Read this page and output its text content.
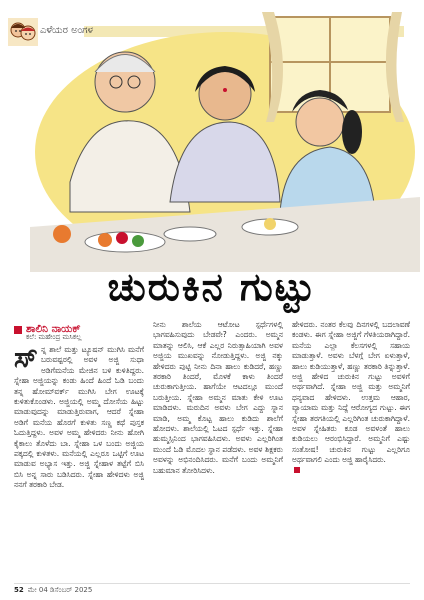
ಎಳೆಯರ ಅಂಗಳ
ಚುರುಕಿನ ಗುಟ್ಟು
ಶಾಲಿನಿ ನಾಯಕ್
ಕಲೆ: ಮಹೇಂದ್ರ ಮಸಿಕಲ್ಲ
ಸ್ ನ್ನ ಶಾಲೆ ಮತ್ತು ಟ್ಯೂಷನ್ ಮುಗಿಸಿ ಮನೆಗೆ ಬರುವಷ್ಟರಲ್ಲಿ ಅವಳ ಅಜ್ಜಿ ಸುಧಾ ಅಡಿಗೆಮನೆಯ ಮೇಜಿನ ಬಳಿ ಕುಳಿತಿದ್ದರು. ಸ್ನೇಹಾ ಅಜ್ಜಿಯನ್ನು ಕಂಡು ಹಿಂದೆ ಹಿಂದೆ ಓಡಿ ಬಂದು ತನ್ನ ಹೋಮ್‌ವರ್ಕ್ ಮುಗಿಸಿ ಬೇಗ ಊಟಕ್ಕೆ ಕುಳಿತುಕೊಂಡಳು. ಅಜ್ಜಿಯಲ್ಲಿ ಅಮ್ಮ ದೋಸೆಯ ಹಿಟ್ಟು ಮಾಡುವುದನ್ನು ಮಾಡುತ್ತಿರುವಾಗ, ಆದರೆ ಸ್ನೇಹಾ ಅಡಿಗೆ ಮನೆಯ ಹೊರಗೆ ಕುಳಿತು ಸಣ್ಣ ಕಥೆ ಪುಸ್ತಕ ಓದುತ್ತಿದ್ದಳು. ಅವಳ ಅಮ್ಮ ಹೇಳಿದರು ನೀನು ಹೋಗಿ ಕೈಕಾಲು ತೊಳೆದು ಬಾ. ಸ್ನೇಹಾ ಒಳ ಬಂದು ಅಜ್ಜಿಯ ಪಕ್ಕದಲ್ಲಿ ಕುಳಿತಳು. ಮನೆಯಲ್ಲಿ ಎಲ್ಲರೂ ಒಟ್ಟಿಗೆ ಊಟ ಮಾಡುವ ಅಭ್ಯಾಸ ಇತ್ತು. ಅಜ್ಜಿ ಸ್ನೇಹಾಳ ತಟ್ಟೆಗೆ ಬಿಸಿ ಬಿಸಿ ಅನ್ನ ಸಾರು ಬಡಿಸಿದರು. ಸ್ನೇಹಾ ಹೇಳಿದಳು ಅಜ್ಜಿ ನನಗೆ ತರಕಾರಿ ಬೇಡ.

ನೀನು ಶಾಲೆಯ ಆಟೋಟ ಸ್ಪರ್ಧೆಗಳಲ್ಲಿ ಭಾಗವಹಿಸುವುದು ಬೇಡವೇ? ಎಂದರು. ಅಮ್ಮನ ಮಾತನ್ನು ಆಲಿಸಿ, ಆಕೆ ಎಲ್ಲರ ನಿರುತ್ಸಾಹಿಯಾಗಿ ಅವಳ ಅಜ್ಜಿಯ ಮುಖವನ್ನು ನೋಡುತ್ತಿದ್ದಳು. ಅಜ್ಜಿ ನಕ್ಕು ಹೇಳಿದರು ಪುಟ್ಟಿ ನೀನು ದಿನಾ ಹಾಲು ಕುಡಿದರೆ, ಹಣ್ಣು ತರಕಾರಿ ತಿಂದರೆ, ಮೊಳಕೆ ಕಾಳು ತಿಂದರೆ ಚುರುಕಾಗುತ್ತೀಯ. ಹಾಗೆಯೇ ಆಟದಲ್ಲೂ ಮುಂದೆ ಬರುತ್ತೀಯ. ಸ್ನೇಹಾ ಅಮ್ಮನ ಮಾತು ಕೇಳಿ ಊಟ ಮಾಡಿದಳು. ಮರುದಿನ ಅವಳು ಬೇಗ ಎದ್ದು ಸ್ನಾನ ಮಾಡಿ, ಅಮ್ಮ ಕೊಟ್ಟ ಹಾಲು ಕುಡಿದು ಶಾಲೆಗೆ ಹೋದಳು. ಶಾಲೆಯಲ್ಲಿ ಓಟದ ಸ್ಪರ್ಧೆ ಇತ್ತು. ಸ್ನೇಹಾ ಹುಮ್ಮಸ್ಸಿನಿಂದ ಭಾಗವಹಿಸಿದಳು. ಅವಳು ಎಲ್ಲರಿಗಿಂತ ಮುಂದೆ ಓಡಿ ಮೊದಲ ಸ್ಥಾನ ಪಡೆದಳು. ಅವಳ ಶಿಕ್ಷಕರು ಅವಳನ್ನು ಅಭಿನಂದಿಸಿದರು. ಮನೆಗೆ ಬಂದು ಅಮ್ಮನಿಗೆ ಬಹುಮಾನ ತೋರಿಸಿದಳು.

ಹೇಳಿದರು. ನಂತರ ಕೆಲವು ದಿನಗಳಲ್ಲಿ ಬದಲಾವಣೆ ಕಂಡಳು. ಈಗ ಸ್ನೇಹಾ ಅಜ್ಜಿಗೆ ಗೆಳತಿಯರಾಗಿದ್ದಾರೆ. ಮನೆಯ ಎಲ್ಲಾ ಕೆಲಸಗಳಲ್ಲಿ ಸಹಾಯ ಮಾಡುತ್ತಾಳೆ. ಅವಳು ಬೆಳಗ್ಗೆ ಬೇಗ ಏಳುತ್ತಾಳೆ, ಹಾಲು ಕುಡಿಯುತ್ತಾಳೆ, ಹಣ್ಣು ತರಕಾರಿ ತಿನ್ನುತ್ತಾಳೆ. ಅಜ್ಜಿ ಹೇಳಿದ ಚುರುಕಿನ ಗುಟ್ಟು ಅವಳಿಗೆ ಅರ್ಥವಾಗಿದೆ. ಸ್ನೇಹಾ ಅಜ್ಜಿ ಮತ್ತು ಅಮ್ಮನಿಗೆ ಧನ್ಯವಾದ ಹೇಳಿದಳು. ಉತ್ತಮ ಆಹಾರ, ವ್ಯಾಯಾಮ ಮತ್ತು ನಿದ್ದೆ ಆರೋಗ್ಯದ ಗುಟ್ಟು. ಈಗ ಸ್ನೇಹಾ ತರಗತಿಯಲ್ಲಿ ಎಲ್ಲರಿಗಿಂತ ಚುರುಕಾಗಿದ್ದಾಳೆ. ಅವಳ ಸ್ನೇಹಿತರು ಕೂಡ ಅವಳಂತೆ ಹಾಲು ಕುಡಿಯಲು ಆರಂಭಿಸಿದ್ದಾರೆ. ಅಮ್ಮನಿಗೆ ಎಷ್ಟು ಸಂತೋಷ! ಚುರುಕಿನ ಗುಟ್ಟು ಎಲ್ಲರಿಗೂ ಅರ್ಥವಾಗಲಿ ಎಂದು ಅಜ್ಜಿ ಹಾರೈಸಿದರು.

52 ಮೇ 04 ಡಿಸೆಂಬರ್ 2025
